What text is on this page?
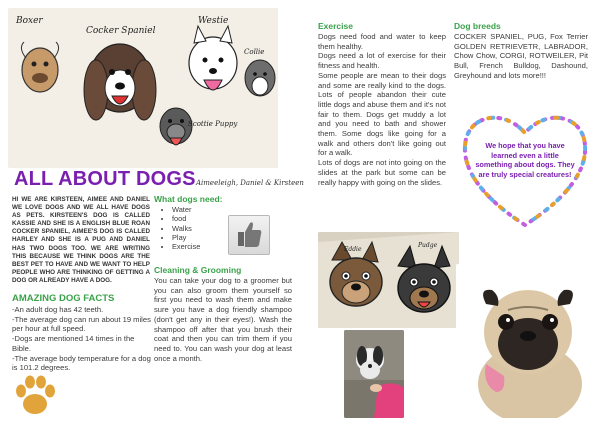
Boxer
Cocker Spaniel
Westie
Collie
Scottie Puppy
ALL ABOUT DOGS Aimeeleigh, Daniel & Kirsteen
HI WE ARE KIRSTEEN, AIMEE AND DANIEL WE LOVE DOGS AND WE ALL HAVE DOGS AS PETS. KIRSTEEN'S DOG IS CALLED KASSIE AND SHE IS A ENGLISH BLUE ROAN COCKER SPANIEL, AIMEE'S DOG IS CALLED HARLEY AND SHE IS A PUG AND DANIEL HAS TWO DOGS TOO. WE ARE WRITING THIS BECAUSE WE THINK DOGS ARE THE BEST PET TO HAVE AND WE WANT TO HELP PEOPLE WHO ARE THINKING OF GETTING A DOG OR ALREADY HAVE A DOG.
AMAZING DOG FACTS

-An adult dog has 42 teeth.

-The average dog can run about 19 miles per hour at full speed.

-Dogs are mentioned 14 times in the Bible.

-The average body temperature for a dog is 101.2 degrees.

What dogs need:
• Water
• food
• Walks
• Play
• Exercise
Cleaning & Grooming
You can take your dog to a groomer but you can also groom them yourself so first you need to wash them and make sure you have a dog friendly shampoo (don't get any in their eyes!). Wash the shampoo off after that you brush their coat and then you can trim them if you need to. You can wash your dog at least once a month.
Exercise

Dogs need food and water to keep them healthy.

Dogs need a lot of exercise for their fitness and health.

Some people are mean to their dogs and some are really kind to the dogs. Lots of people abandon their cute little dogs and abuse them and it's not fair to them. Dogs get muddy a lot and you need to bath and shower them. Some dogs like going for a walk and others don't like going out for a walk.

Lots of dogs are not into going on the slides at the park but some can be really happy with going on the slides.

Dog breeds
COCKER SPANIEL, PUG, Fox Terrier GOLDEN RETRIEVETR, LABRADOR, Chow Chow, CORGI, ROTWEILER, Pit Bull, French Bulldog, Dashound, Greyhound and lots more!!!
We hope that you have learned even a little something about dogs. They are truly special creatures!
Eddie
Pudge
